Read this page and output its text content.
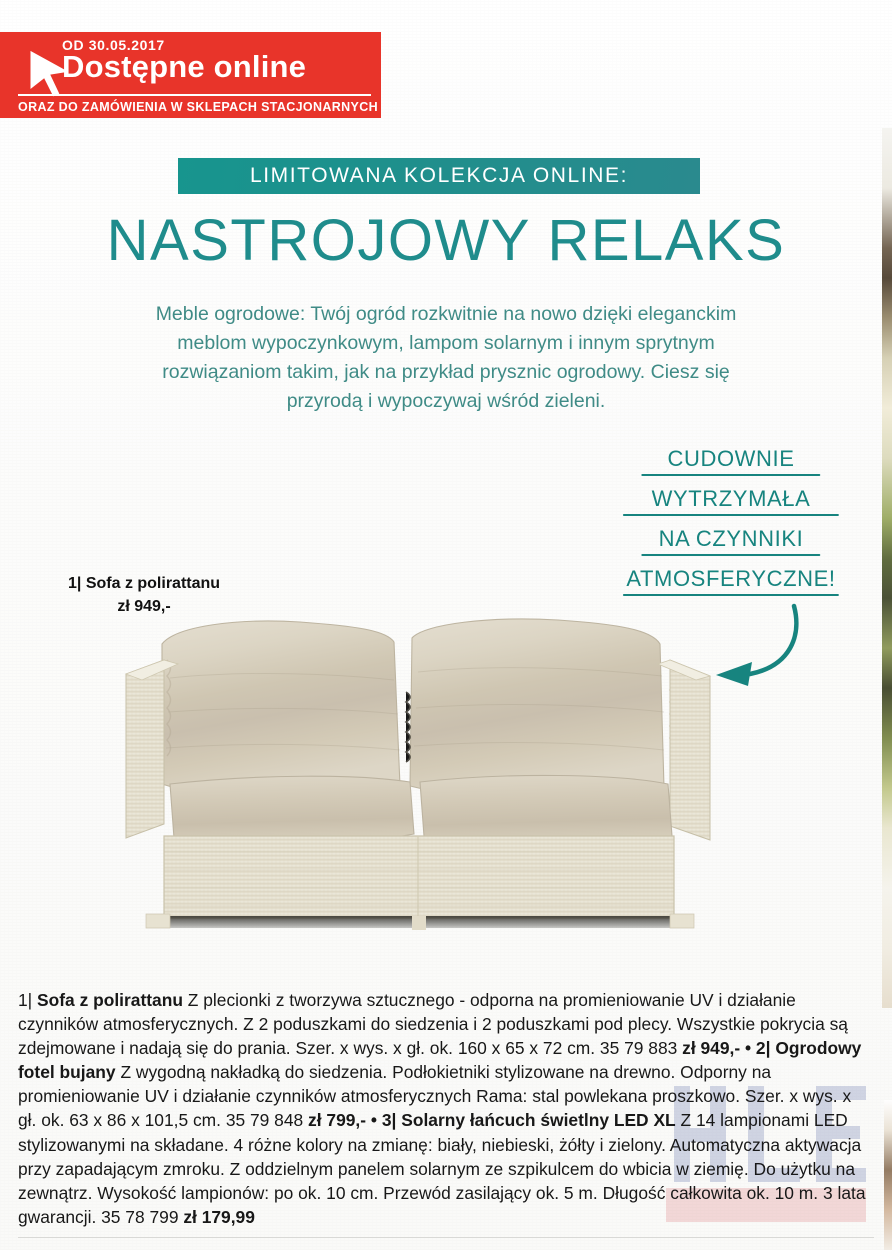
OD 30.05.2017
Dostępne online
ORAZ DO ZAMÓWIENIA W SKLEPACH STACJONARNYCH
LIMITOWANA KOLEKCJA ONLINE:
NASTROJOWY RELAKS
Meble ogrodowe: Twój ogród rozkwitnie na nowo dzięki eleganckim meblom wypoczynkowym, lampom solarnym i innym sprytnym rozwiązaniom takim, jak na przykład prysznic ogrodowy. Ciesz się przyrodą i wypoczywaj wśród zieleni.
CUDOWNIE
WYTRZYMAŁA
NA CZYNNIKI
ATMOSFERYCZNE!
1| Sofa z polirattanu
zł 949,-
1| Sofa z polirattanu Z plecionki z tworzywa sztucznego - odporna na promieniowanie UV i działanie czynników atmosferycznych. Z 2 poduszkami do siedzenia i 2 poduszkami pod plecy. Wszystkie pokrycia są zdejmowane i nadają się do prania. Szer. x wys. x gł. ok. 160 x 65 x 72 cm. 35 79 883 zł 949,- • 2| Ogrodowy fotel bujany Z wygodną nakładką do siedzenia. Podłokietniki stylizowane na drewno. Odporny na promieniowanie UV i działanie czynników atmosferycznych Rama: stal powlekana proszkowo. Szer. x wys. x gł. ok. 63 x 86 x 101,5 cm. 35 79 848 zł 799,- • 3| Solarny łańcuch świetlny LED XL Z 14 lampionami LED stylizowanymi na składane. 4 różne kolory na zmianę: biały, niebieski, żółty i zielony. Automatyczna aktywacja przy zapadającym zmroku. Z oddzielnym panelem solarnym ze szpikulcem do wbicia w ziemię. Do użytku na zewnątrz. Wysokość lampionów: po ok. 10 cm. Przewód zasilający ok. 5 m. Długość całkowita ok. 10 m. 3 lata gwarancji. 35 78 799 zł 179,99
